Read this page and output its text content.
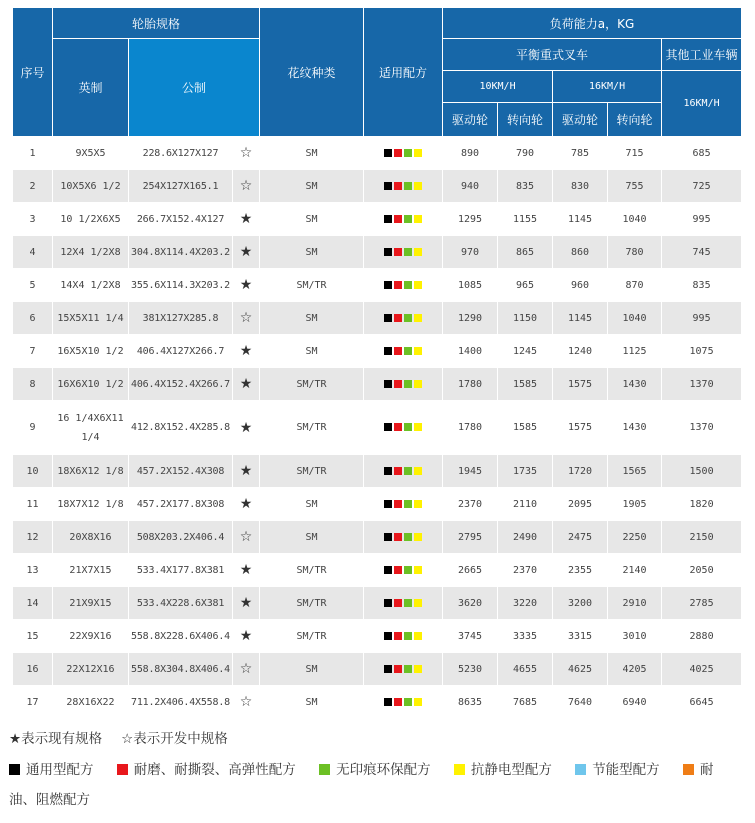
序号	轮胎规格			花纹种类	适用配方	负荷能力a，KG				
	英制	公制				平衡重式叉车				其他工业车辆
						10KM/H		16KM/H		16KM/H
						驱动轮	转向轮	驱动轮	转向轮	
1	9X5X5	228.6X127X127	☆	SM		890	790	785	715	685
2	10X5X6 1/2	254X127X165.1	☆	SM		940	835	830	755	725
3	10 1/2X6X5	266.7X152.4X127	★	SM		1295	1155	1145	1040	995
4	12X4 1/2X8	304.8X114.4X203.2	★	SM		970	865	860	780	745
5	14X4 1/2X8	355.6X114.3X203.2	★	SM/TR		1085	965	960	870	835
6	15X5X11 1/4	381X127X285.8	☆	SM		1290	1150	1145	1040	995
7	16X5X10 1/2	406.4X127X266.7	★	SM		1400	1245	1240	1125	1075
8	16X6X10 1/2	406.4X152.4X266.7	★	SM/TR		1780	1585	1575	1430	1370
9	16 1/4X6X11 1/4	412.8X152.4X285.8	★	SM/TR		1780	1585	1575	1430	1370
10	18X6X12 1/8	457.2X152.4X308	★	SM/TR		1945	1735	1720	1565	1500
11	18X7X12 1/8	457.2X177.8X308	★	SM		2370	2110	2095	1905	1820
12	20X8X16	508X203.2X406.4	☆	SM		2795	2490	2475	2250	2150
13	21X7X15	533.4X177.8X381	★	SM/TR		2665	2370	2355	2140	2050
14	21X9X15	533.4X228.6X381	★	SM/TR		3620	3220	3200	2910	2785
15	22X9X16	558.8X228.6X406.4	★	SM/TR		3745	3335	3315	3010	2880
16	22X12X16	558.8X304.8X406.4	☆	SM		5230	4655	4625	4205	4025
17	28X16X22	711.2X406.4X558.8	☆	SM		8635	7685	7640	6940	6645
★表示现有规格 ☆表示开发中规格
通用型配方	耐磨、耐撕裂、高弹性配方	无印痕环保配方	抗静电型配方	节能型配方	耐
油、阻燃配方
